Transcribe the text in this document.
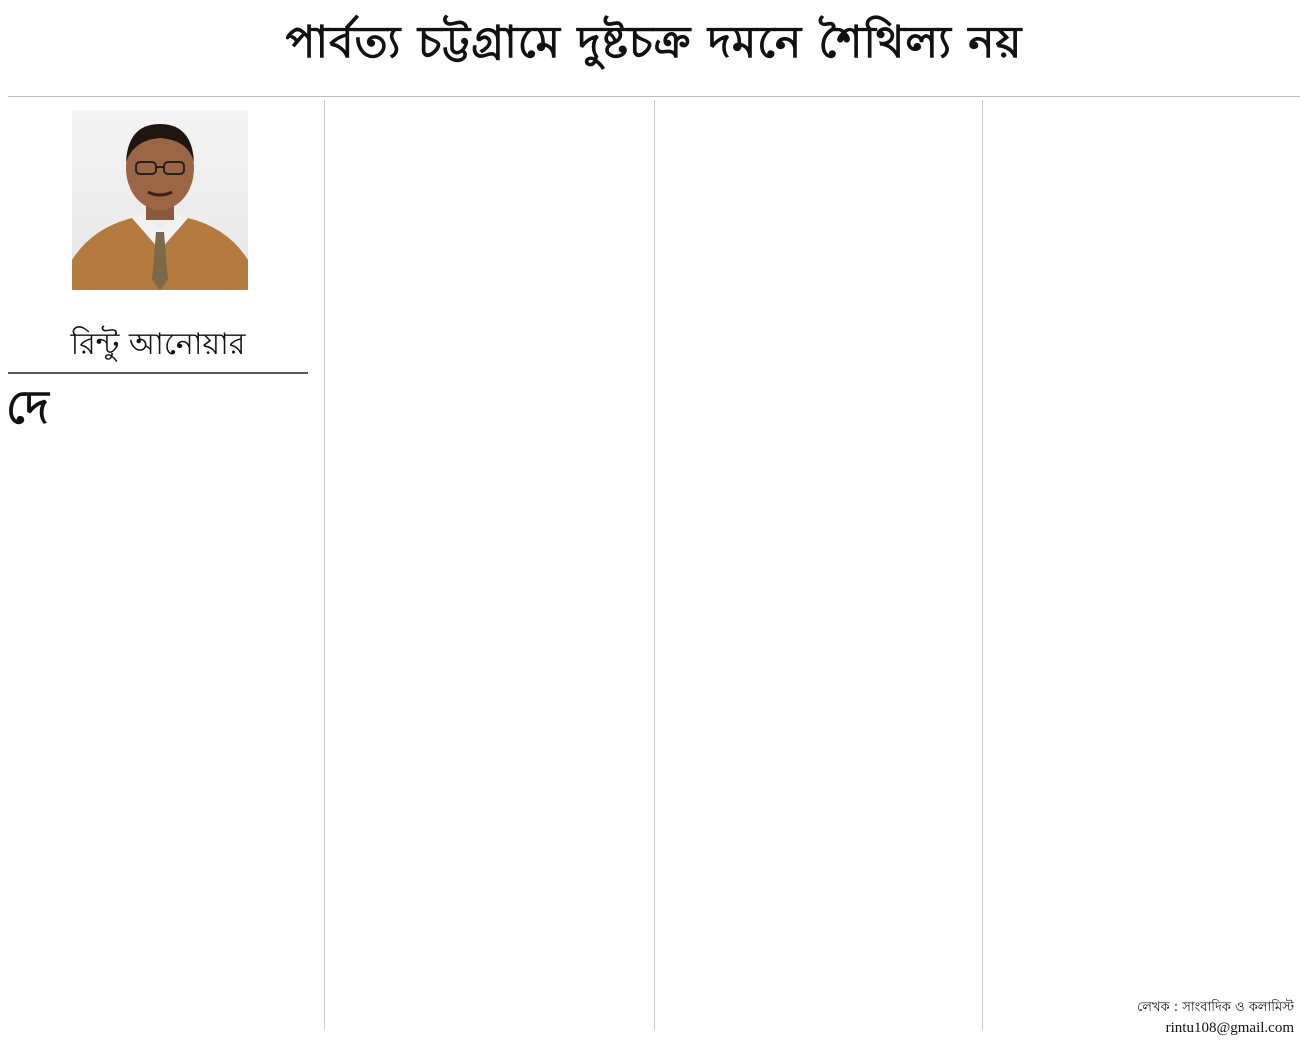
পার্বত্য চট্টগ্রামে দুষ্টচক্র দমনে শৈথিল্য নয়
রিন্টু আনোয়ার
দে
লেখক : সাংবাদিক ও কলামিস্ট
rintu108@gmail.com
